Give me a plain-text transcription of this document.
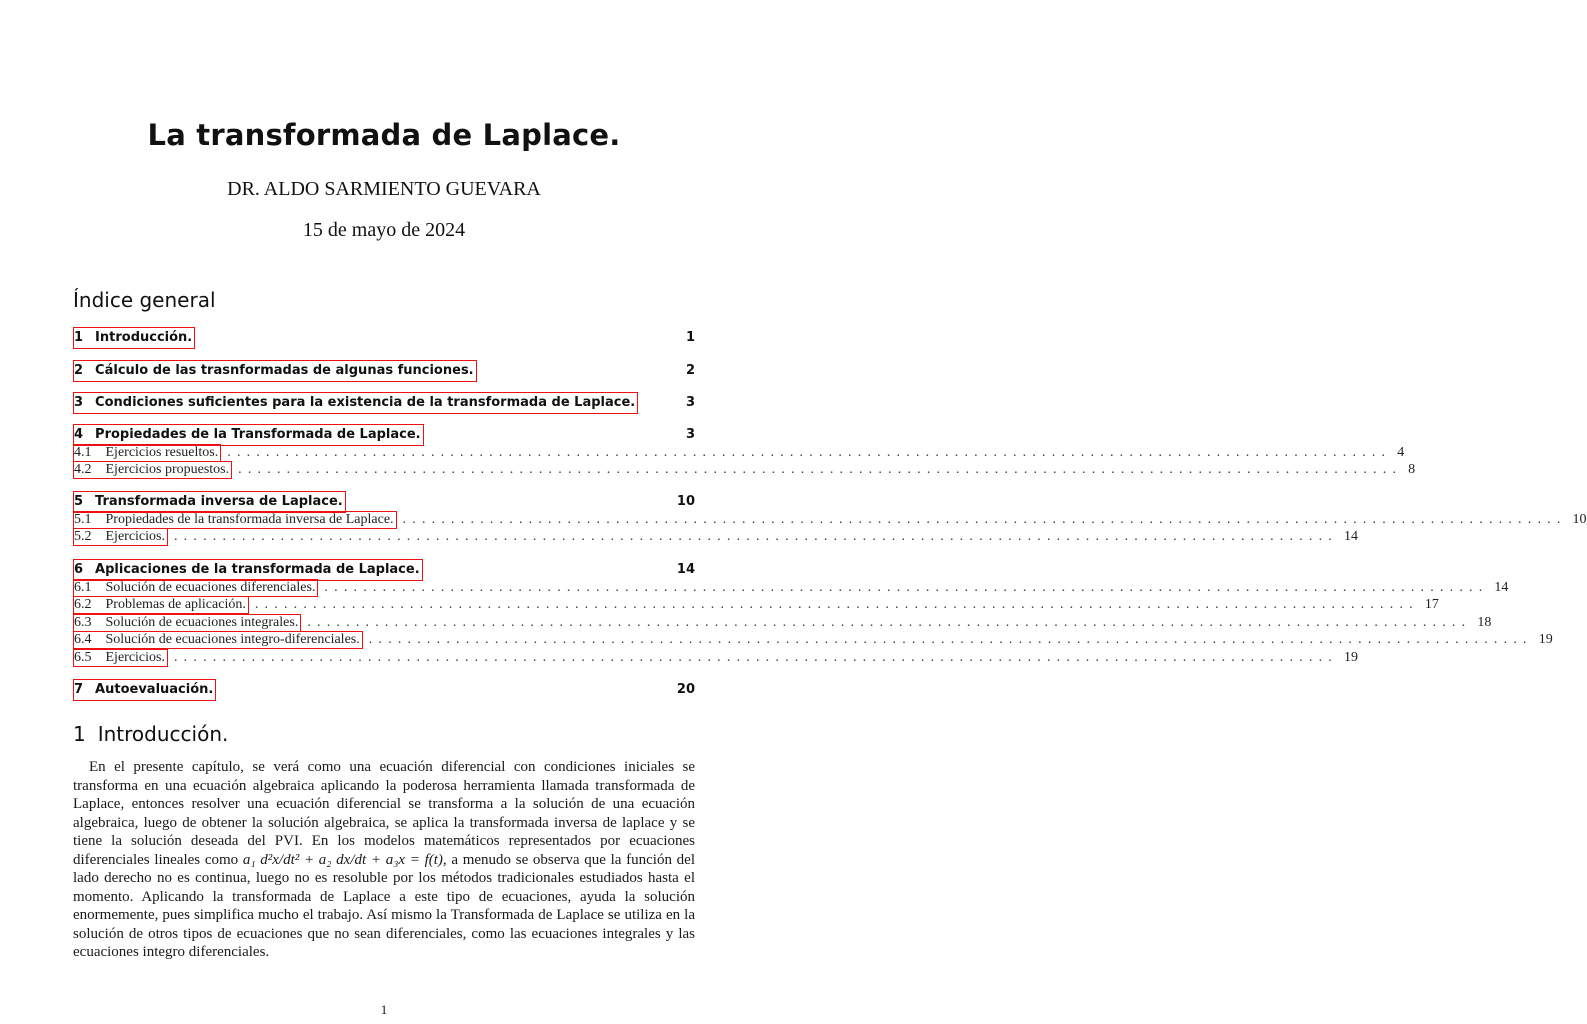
La transformada de Laplace.
DR. ALDO SARMIENTO GUEVARA
15 de mayo de 2024
Índice general
1 Introducción.	1
2 Cálculo de las trasnformadas de algunas funciones.	2
3 Condiciones suficientes para la existencia de la transformada de Laplace.	3
4 Propiedades de la Transformada de Laplace.	3
4.1 Ejercicios resueltos. ........................................................................................................................ 4
4.2 Ejercicios propuestos. ........................................................................................................................ 8
5 Transformada inversa de Laplace.	10
5.1 Propiedades de la transformada inversa de Laplace. ........................................................................................................................ 10
5.2 Ejercicios. ........................................................................................................................ 14
6 Aplicaciones de la transformada de Laplace.	14
6.1 Solución de ecuaciones diferenciales. ........................................................................................................................ 14
6.2 Problemas de aplicación. ........................................................................................................................ 17
6.3 Solución de ecuaciones integrales. ........................................................................................................................ 18
6.4 Solución de ecuaciones integro-diferenciales. ........................................................................................................................ 19
6.5 Ejercicios. ........................................................................................................................ 19
7 Autoevaluación.	20
1 Introducción.
En el presente capítulo, se verá como una ecuación diferencial con condiciones iniciales se transforma en una ecuación algebraica aplicando la poderosa herramienta llamada transformada de Laplace, entonces resolver una ecuación diferencial se transforma a la solución de una ecuación algebraica, luego de obtener la solución algebraica, se aplica la transformada inversa de laplace y se tiene la solución deseada del PVI. En los modelos matemáticos representados por ecuaciones diferenciales lineales como a₁ d²x/dt² + a₂ dx/dt + a₃x = f(t), a menudo se observa que la función del lado derecho no es continua, luego no es resoluble por los métodos tradicionales estudiados hasta el momento. Aplicando la transformada de Laplace a este tipo de ecuaciones, ayuda la solución enormemente, pues simplifica mucho el trabajo. Así mismo la Transformada de Laplace se utiliza en la solución de otros tipos de ecuaciones que no sean diferenciales, como las ecuaciones integrales y las ecuaciones integro diferenciales.
1
